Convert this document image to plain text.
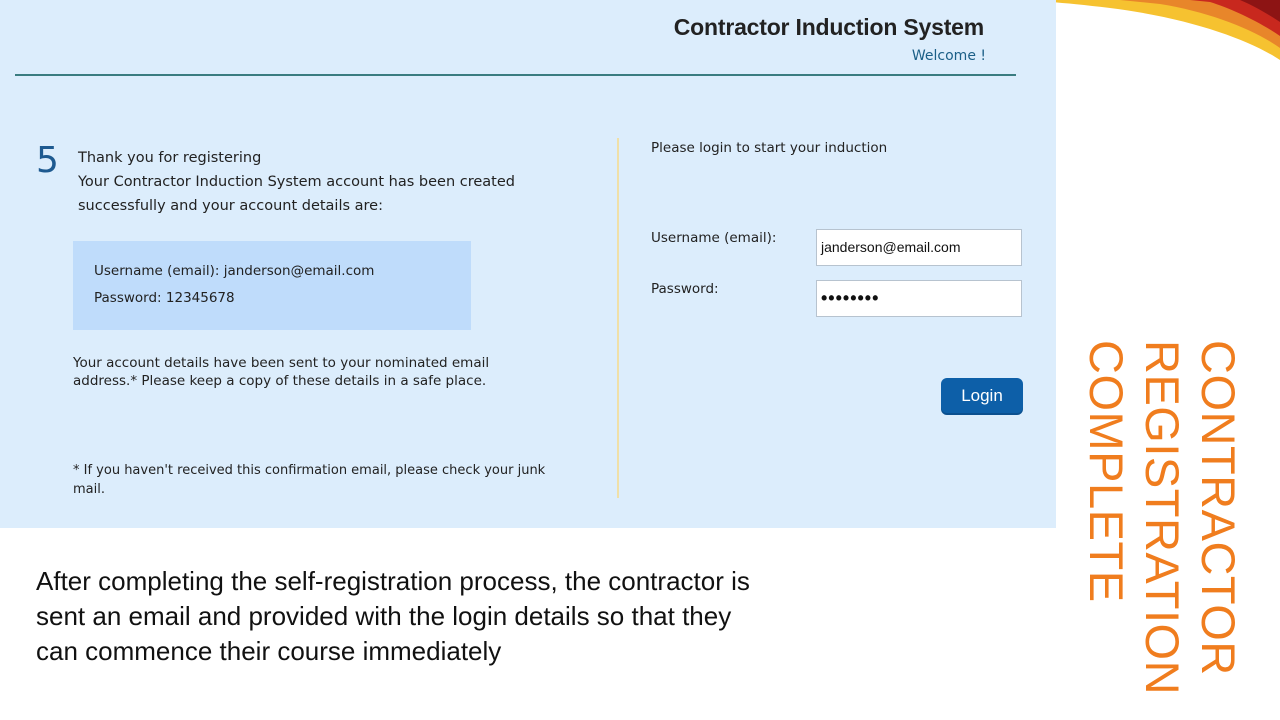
Contractor Induction System
Welcome !
5 Thank you for registering
Your Contractor Induction System account has been created
successfully and your account details are:
Username (email): janderson@email.com
Password: 12345678
Your account details have been sent to your nominated email
address.* Please keep a copy of these details in a safe place.
* If you haven't received this confirmation email, please check your junk
mail.
Please login to start your induction
Username (email):
janderson@email.com
Password:	••••••••
Login	CONTRACTOR
REGISTRATION
COMPLETE
After completing the self-registration process, the contractor is
sent an email and provided with the login details so that they
can commence their course immediately
